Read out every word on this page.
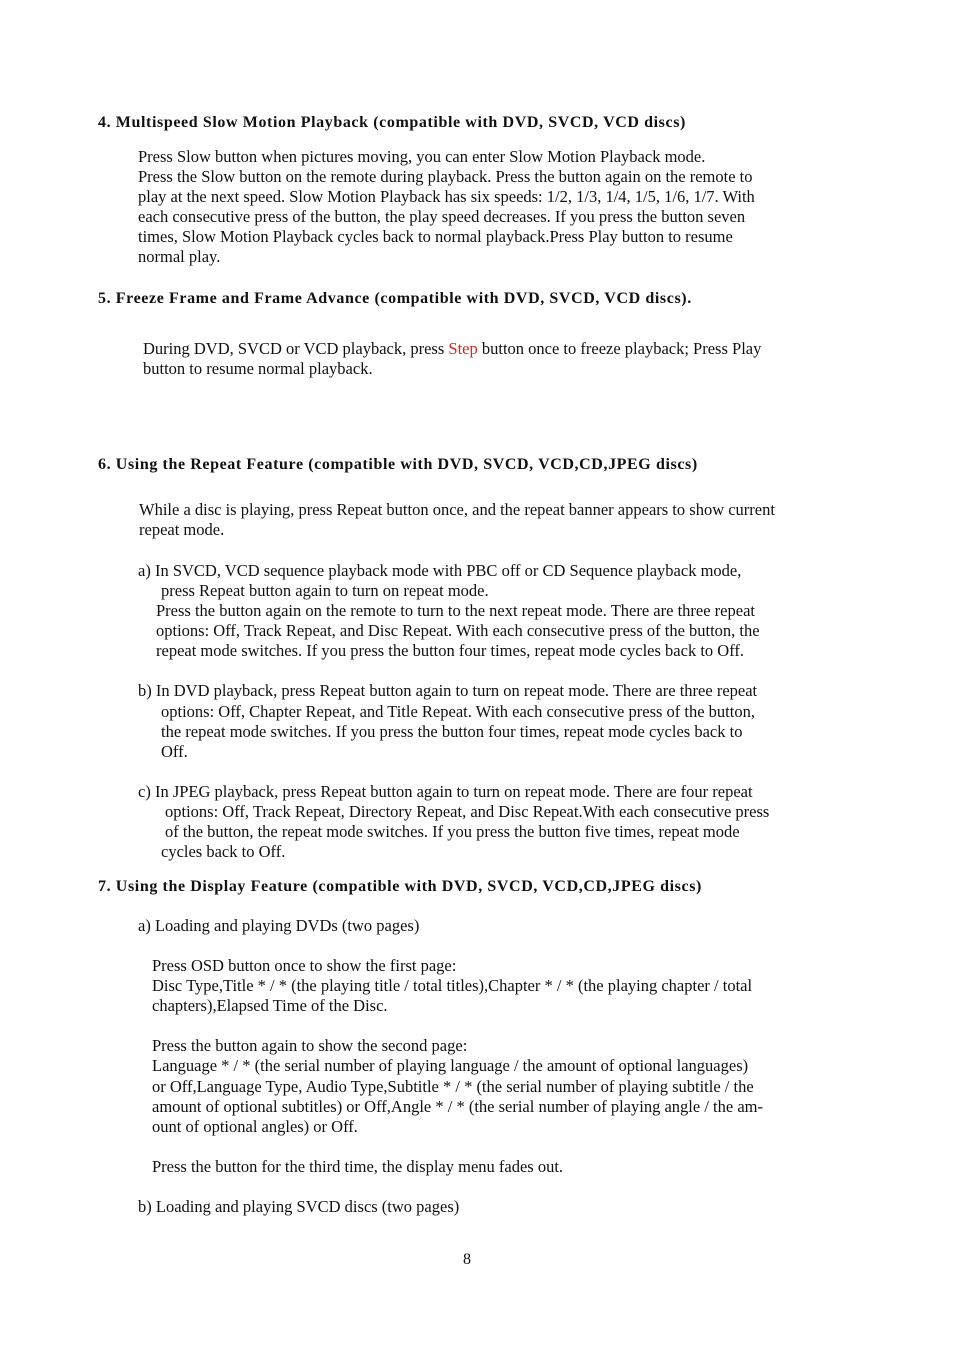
4. Multispeed Slow Motion Playback (compatible with DVD, SVCD, VCD discs)
Press Slow button when pictures moving, you can enter Slow Motion Playback mode.
Press the Slow button on the remote during playback. Press the button again on the remote to
play at the next speed. Slow Motion Playback has six speeds: 1/2, 1/3, 1/4, 1/5, 1/6, 1/7. With
each consecutive press of the button, the play speed decreases. If you press the button seven
times, Slow Motion Playback cycles back to normal playback.Press Play button to resume
normal play.
5. Freeze Frame and Frame Advance (compatible with DVD, SVCD, VCD discs).
During DVD, SVCD or VCD playback, press Step button once to freeze playback; Press Play
button to resume normal playback.
6. Using the Repeat Feature (compatible with DVD, SVCD, VCD,CD,JPEG discs)
While a disc is playing, press Repeat button once, and the repeat banner appears to show current
repeat mode.
a) In SVCD, VCD sequence playback mode with PBC off or CD Sequence playback mode,
press Repeat button again to turn on repeat mode.
Press the button again on the remote to turn to the next repeat mode. There are three repeat
options: Off, Track Repeat, and Disc Repeat. With each consecutive press of the button, the
repeat mode switches. If you press the button four times, repeat mode cycles back to Off.
b) In DVD playback, press Repeat button again to turn on repeat mode. There are three repeat
options: Off, Chapter Repeat, and Title Repeat. With each consecutive press of the button,
the repeat mode switches. If you press the button four times, repeat mode cycles back to
Off.
c) In JPEG playback, press Repeat button again to turn on repeat mode. There are four repeat
options: Off, Track Repeat, Directory Repeat, and Disc Repeat.With each consecutive press
of the button, the repeat mode switches. If you press the button five times, repeat mode
cycles back to Off.
7. Using the Display Feature (compatible with DVD, SVCD, VCD,CD,JPEG discs)
a) Loading and playing DVDs (two pages)
Press OSD button once to show the first page:
Disc Type,Title * / * (the playing title / total titles),Chapter * / * (the playing chapter / total
chapters),Elapsed Time of the Disc.
Press the button again to show the second page:
Language * / * (the serial number of playing language / the amount of optional languages)
or Off,Language Type, Audio Type,Subtitle * / * (the serial number of playing subtitle / the
amount of optional subtitles) or Off,Angle * / * (the serial number of playing angle / the am-
ount of optional angles) or Off.
Press the button for the third time, the display menu fades out.
b) Loading and playing SVCD discs (two pages)
8
